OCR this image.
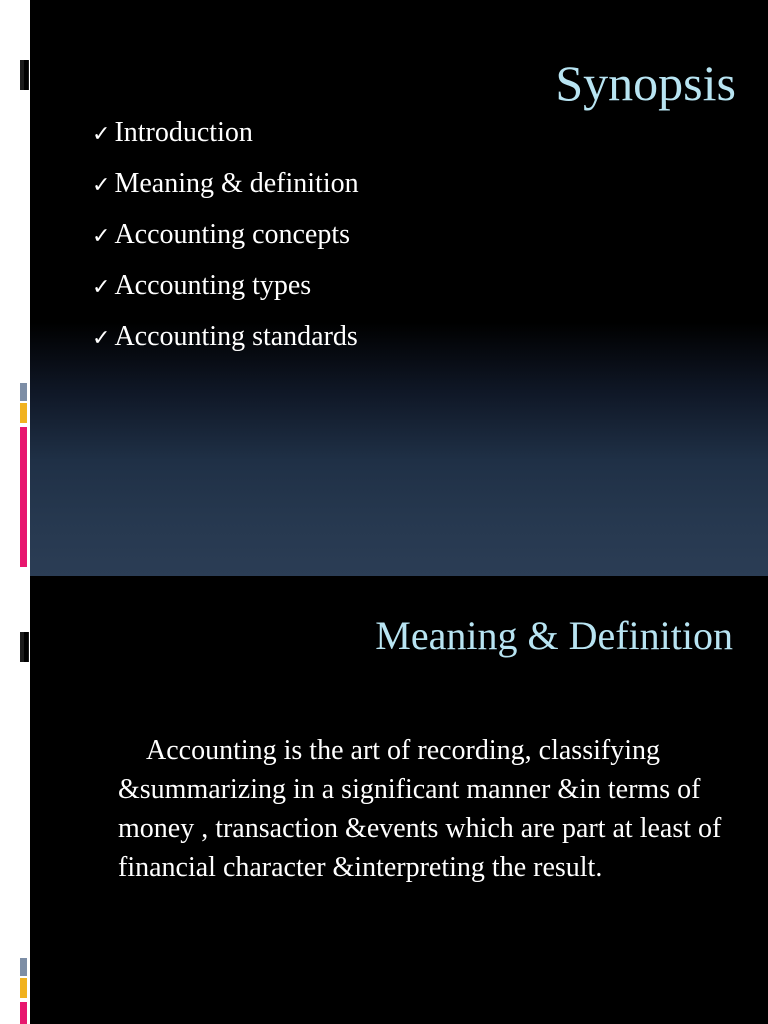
Synopsis
✓ Introduction
✓ Meaning & definition
✓ Accounting concepts
✓ Accounting types
✓ Accounting standards
Meaning & Definition

Accounting is the art of recording, classifying &summarizing in a significant manner &in terms of money , transaction &events which are part at least of financial character &interpreting the result.
